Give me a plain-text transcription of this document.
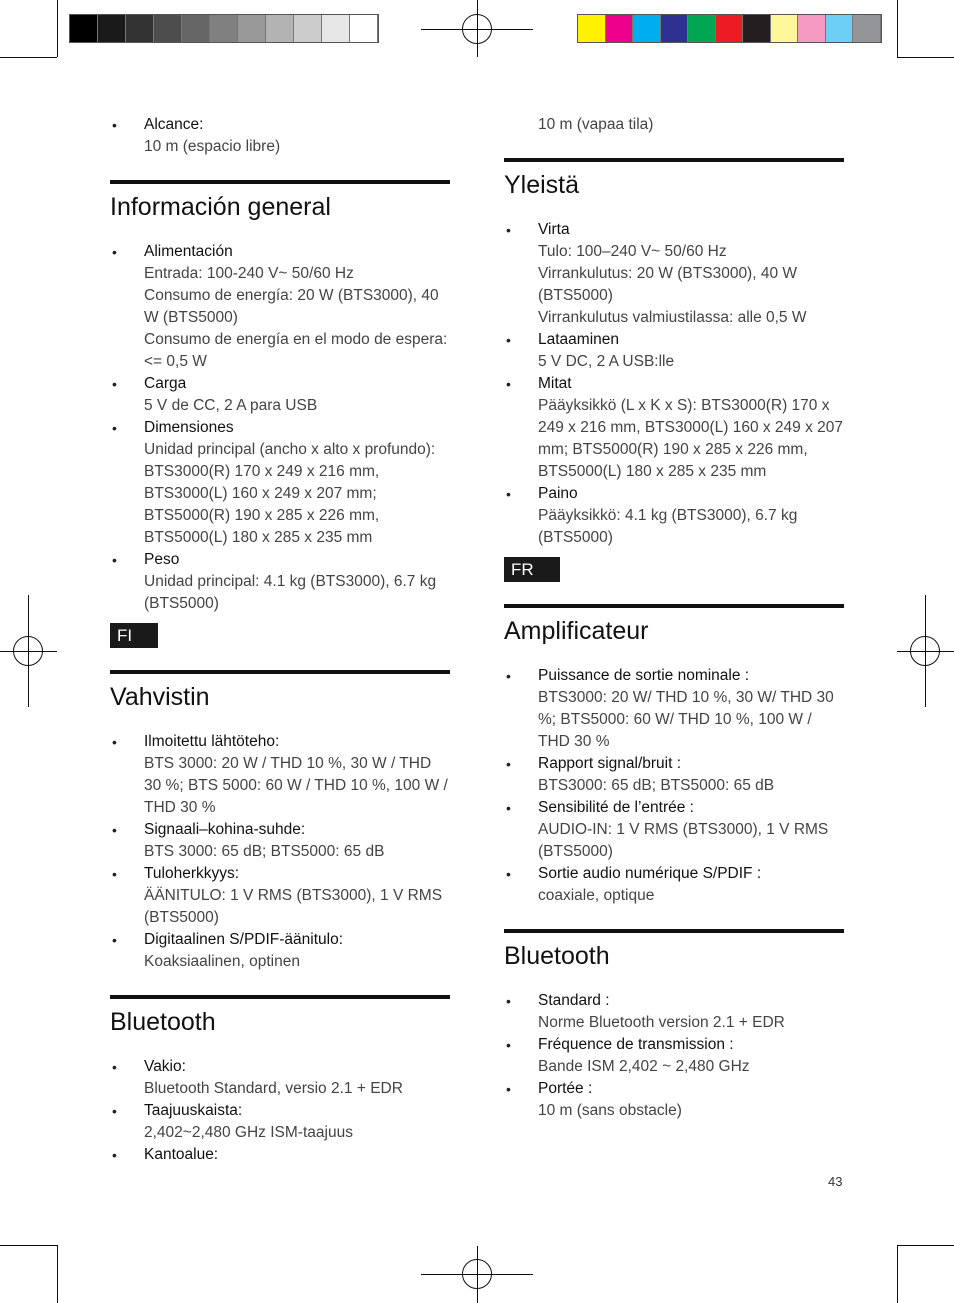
• Alcance:
10 m (espacio libre)
Información general
• Alimentación
Entrada: 100-240 V~ 50/60 Hz
Consumo de energía: 20 W (BTS3000), 40 W (BTS5000)
Consumo de energía en el modo de espera: <= 0,5 W
• Carga
5 V de CC, 2 A para USB
• Dimensiones
Unidad principal (ancho x alto x profundo): BTS3000(R) 170 x 249 x 216 mm, BTS3000(L) 160 x 249 x 207 mm; BTS5000(R) 190 x 285 x 226 mm, BTS5000(L) 180 x 285 x 235 mm
• Peso
Unidad principal: 4.1 kg (BTS3000), 6.7 kg (BTS5000)
FI
Vahvistin
• Ilmoitettu lähtöteho:
BTS 3000: 20 W / THD 10 %, 30 W / THD 30 %; BTS 5000: 60 W / THD 10 %, 100 W / THD 30 %
• Signaali–kohina-suhde:
BTS 3000: 65 dB; BTS5000: 65 dB
• Tuloherkkyys:
ÄÄNITULO: 1 V RMS (BTS3000), 1 V RMS (BTS5000)
• Digitaalinen S/PDIF-äänitulo:
Koaksiaalinen, optinen
Bluetooth
• Vakio:
Bluetooth Standard, versio 2.1 + EDR
• Taajuuskaista:
2,402~2,480 GHz ISM-taajuus
• Kantoalue:
10 m (vapaa tila)
Yleistä
• Virta
Tulo: 100–240 V~ 50/60 Hz
Virrankulutus: 20 W (BTS3000), 40 W (BTS5000)
Virrankulutus valmiustilassa: alle 0,5 W
• Lataaminen
5 V DC, 2 A USB:lle
• Mitat
Pääyksikkö (L x K x S): BTS3000(R) 170 x 249 x 216 mm, BTS3000(L) 160 x 249 x 207 mm; BTS5000(R) 190 x 285 x 226 mm, BTS5000(L) 180 x 285 x 235 mm
• Paino
Pääyksikkö: 4.1 kg (BTS3000), 6.7 kg (BTS5000)
FR
Amplificateur
• Puissance de sortie nominale :
BTS3000: 20 W/ THD 10 %, 30 W/ THD 30 %; BTS5000: 60 W/ THD 10 %, 100 W / THD 30 %
• Rapport signal/bruit :
BTS3000: 65 dB; BTS5000: 65 dB
• Sensibilité de l’entrée :
AUDIO-IN: 1 V RMS (BTS3000), 1 V RMS (BTS5000)
• Sortie audio numérique S/PDIF :
coaxiale, optique
Bluetooth
• Standard :
Norme Bluetooth version 2.1 + EDR
• Fréquence de transmission :
Bande ISM 2,402 ~ 2,480 GHz
• Portée :
10 m (sans obstacle)
43
